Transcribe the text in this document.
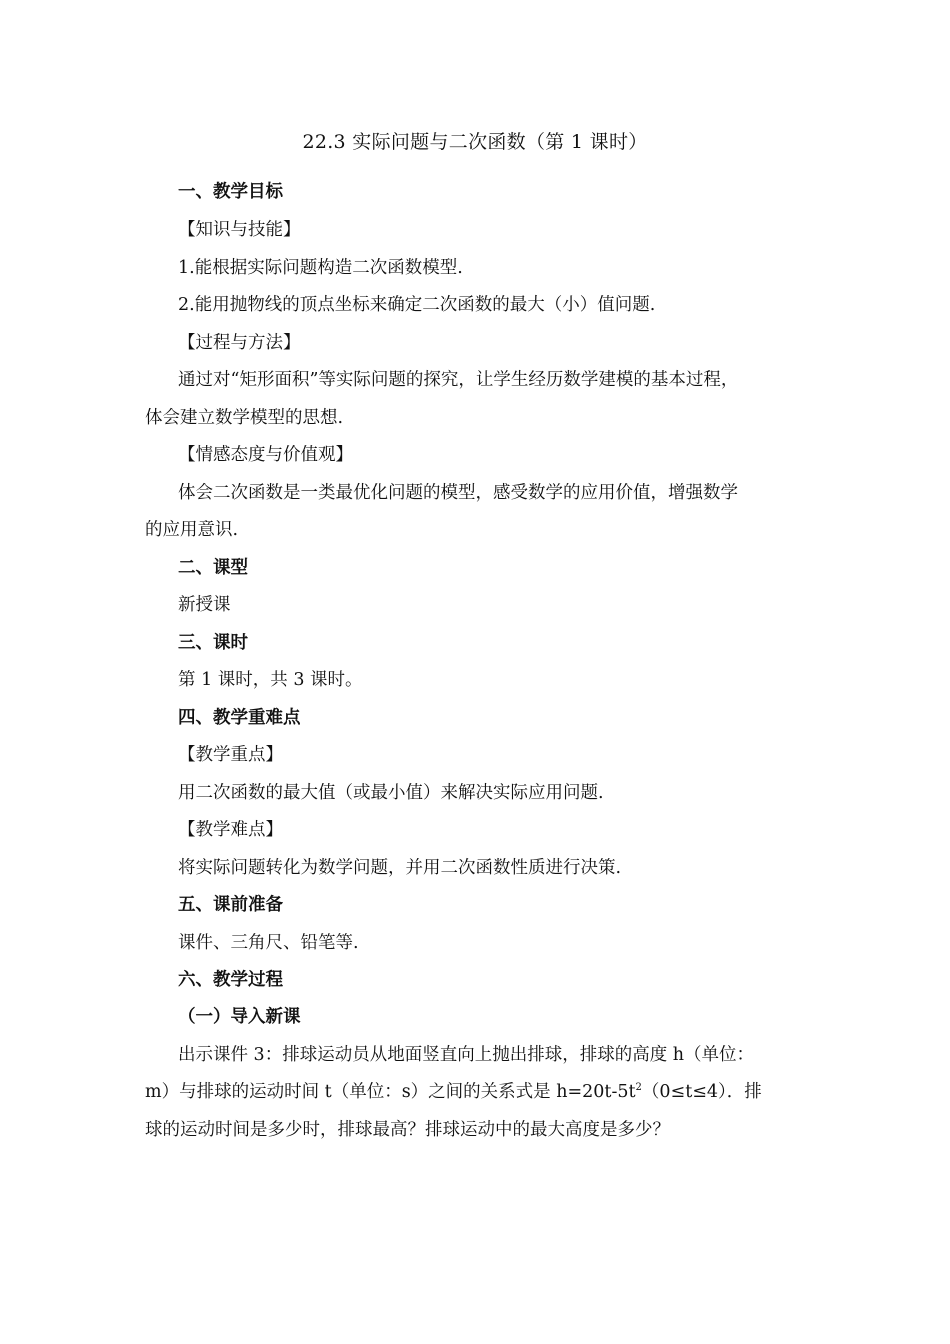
22.3 实际问题与二次函数（第 1 课时）
一、教学目标
【知识与技能】
1.能根据实际问题构造二次函数模型.
2.能用抛物线的顶点坐标来确定二次函数的最大（小）值问题.
【过程与方法】
通过对“矩形面积”等实际问题的探究，让学生经历数学建模的基本过程，
体会建立数学模型的思想.
【情感态度与价值观】
体会二次函数是一类最优化问题的模型，感受数学的应用价值，增强数学
的应用意识.
二、课型
新授课
三、课时
第 1 课时，共 3 课时。
四、教学重难点
【教学重点】
用二次函数的最大值（或最小值）来解决实际应用问题.
【教学难点】
将实际问题转化为数学问题，并用二次函数性质进行决策.
五、课前准备
课件、三角尺、铅笔等.
六、教学过程
（一）导入新课
出示课件 3：排球运动员从地面竖直向上抛出排球，排球的高度 h（单位：
m）与排球的运动时间 t（单位：s）之间的关系式是 $h=20t-5t^2(0\le t\le 4)$．排
球的运动时间是多少时，排球最高？排球运动中的最大高度是多少？
